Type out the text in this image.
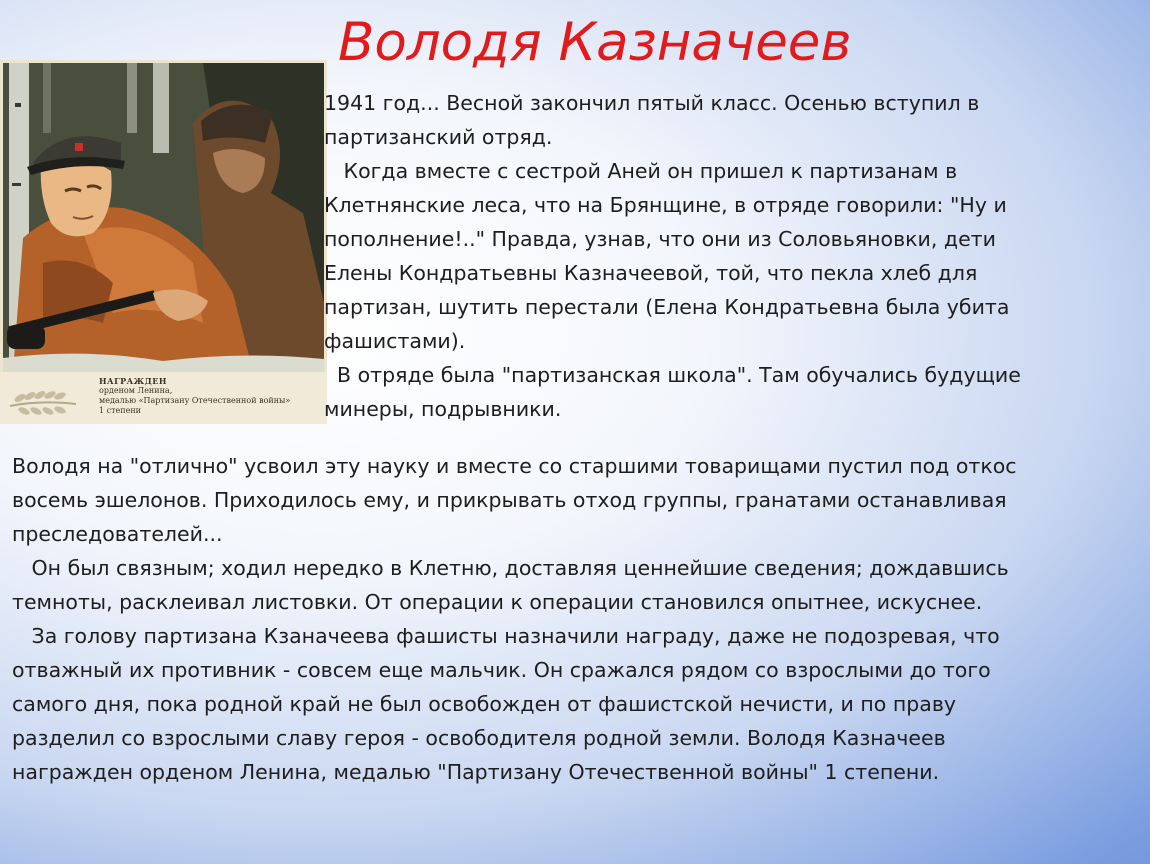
Володя Казначеев
НАГРАЖДЕН
орденом Ленина,
медалью «Партизану Отечественной войны»
1 степени
1941 год... Весной закончил пятый класс. Осенью вступил в
партизанский отряд.
Когда вместе с сестрой Аней он пришел к партизанам в
Клетнянские леса, что на Брянщине, в отряде говорили: "Ну и
пополнение!.." Правда, узнав, что они из Соловьяновки, дети
Елены Кондратьевны Казначеевой, той, что пекла хлеб для
партизан, шутить перестали (Елена Кондратьевна была убита
фашистами).
В отряде была "партизанская школа". Там обучались будущие
минеры, подрывники.
Володя на "отлично" усвоил эту науку и вместе со старшими товарищами пустил под откос
восемь эшелонов. Приходилось ему, и прикрывать отход группы, гранатами останавливая
преследователей...
Он был связным; ходил нередко в Клетню, доставляя ценнейшие сведения; дождавшись
темноты, расклеивал листовки. От операции к операции становился опытнее, искуснее.
За голову партизана Кзаначеева фашисты назначили награду, даже не подозревая, что
отважный их противник - совсем еще мальчик. Он сражался рядом со взрослыми до того
самого дня, пока родной край не был освобожден от фашистской нечисти, и по праву
разделил со взрослыми славу героя - освободителя родной земли. Володя Казначеев
награжден орденом Ленина, медалью "Партизану Отечественной войны" 1 степени.
